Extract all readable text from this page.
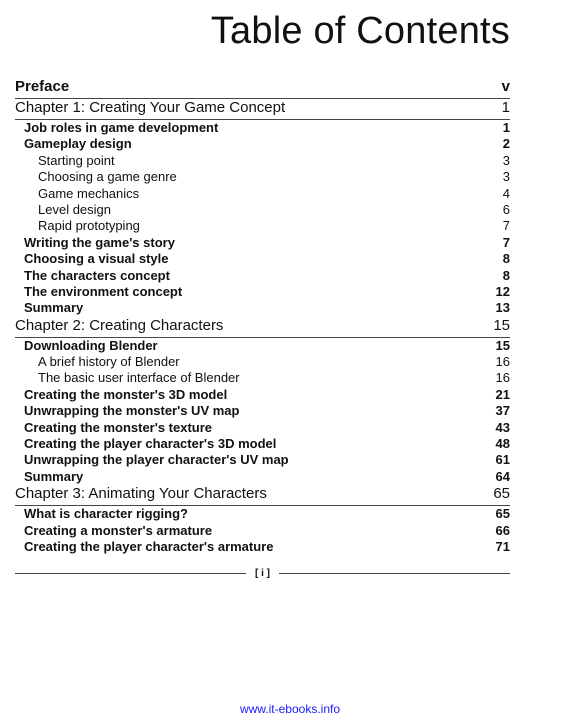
Table of Contents
Preface	v
Chapter 1: Creating Your Game Concept	1
Job roles in game development	1
Gameplay design	2
Starting point	3
Choosing a game genre	3
Game mechanics	4
Level design	6
Rapid prototyping	7
Writing the game's story	7
Choosing a visual style	8
The characters concept	8
The environment concept	12
Summary	13
Chapter 2: Creating Characters	15
Downloading Blender	15
A brief history of Blender	16
The basic user interface of Blender	16
Creating the monster's 3D model	21
Unwrapping the monster's UV map	37
Creating the monster's texture	43
Creating the player character's 3D model	48
Unwrapping the player character's UV map	61
Summary	64
Chapter 3: Animating Your Characters	65
What is character rigging?	65
Creating a monster's armature	66
Creating the player character's armature	71
[ i ]
www.it-ebooks.info
